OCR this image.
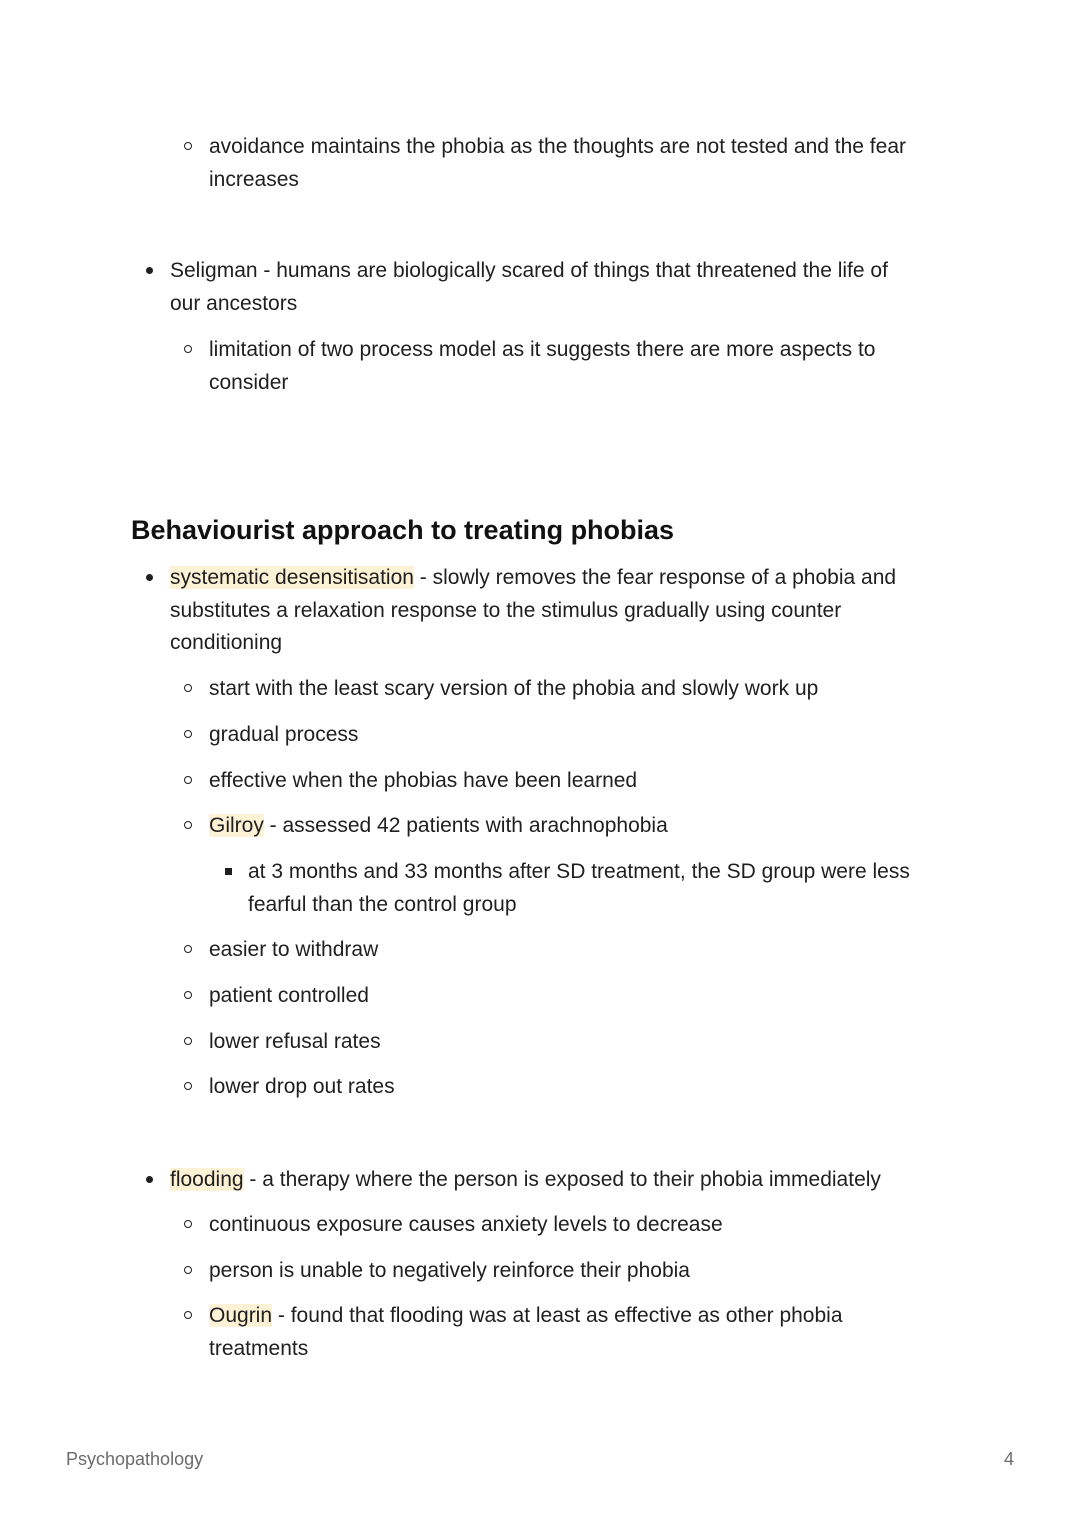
avoidance maintains the phobia as the thoughts are not tested and the fear
increases
Seligman - humans are biologically scared of things that threatened the life of
our ancestors
limitation of two process model as it suggests there are more aspects to
consider
Behaviourist approach to treating phobias
systematic desensitisation - slowly removes the fear response of a phobia and
substitutes a relaxation response to the stimulus gradually using counter
conditioning
start with the least scary version of the phobia and slowly work up
gradual process
effective when the phobias have been learned
Gilroy - assessed 42 patients with arachnophobia
at 3 months and 33 months after SD treatment, the SD group were less
fearful than the control group
easier to withdraw
patient controlled
lower refusal rates
lower drop out rates
flooding - a therapy where the person is exposed to their phobia immediately
continuous exposure causes anxiety levels to decrease
person is unable to negatively reinforce their phobia
Ougrin - found that flooding was at least as effective as other phobia
treatments
Psychopathology	4
